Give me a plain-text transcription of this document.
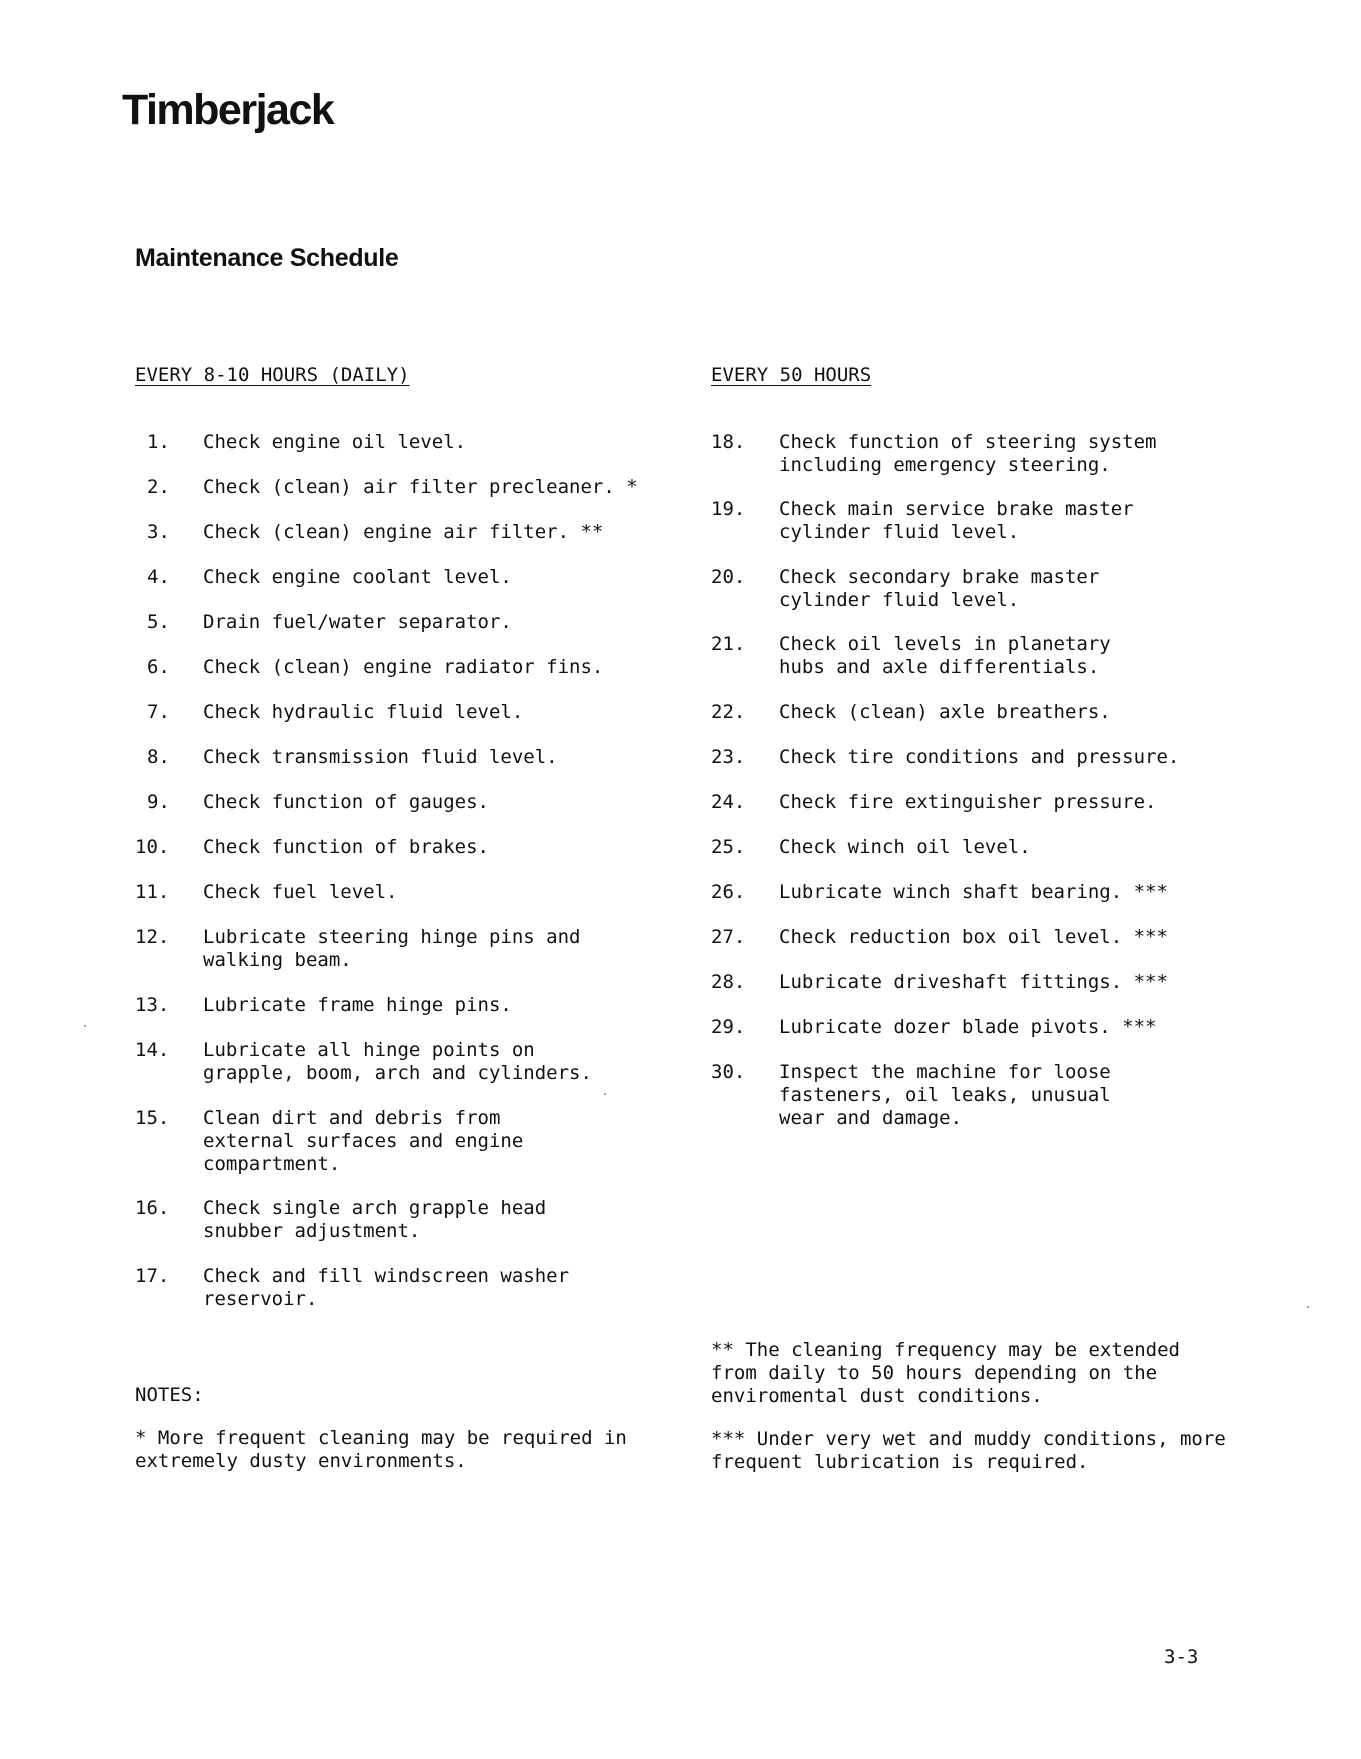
Timberjack
Maintenance Schedule
EVERY 8-10 HOURS (DAILY)	EVERY 50 HOURS
1.	Check engine oil level.
2.	Check (clean) air filter precleaner. *
3.	Check (clean) engine air filter. **
4.	Check engine coolant level.
5.	Drain fuel/water separator.
6.	Check (clean) engine radiator fins.
7.	Check hydraulic fluid level.
8.	Check transmission fluid level.
9.	Check function of gauges.
10.	Check function of brakes.
11.	Check fuel level.
12.	Lubricate steering hinge pins and
walking beam.
13.	Lubricate frame hinge pins.
14.	Lubricate all hinge points on
grapple, boom, arch and cylinders.
15.	Clean dirt and debris from
external surfaces and engine
compartment.
16.	Check single arch grapple head
snubber adjustment.
17.	Check and fill windscreen washer
reservoir.
18.	Check function of steering system
including emergency steering.
19.	Check main service brake master
cylinder fluid level.
20.	Check secondary brake master
cylinder fluid level.
21.	Check oil levels in planetary
hubs and axle differentials.
22.	Check (clean) axle breathers.
23.	Check tire conditions and pressure.
24.	Check fire extinguisher pressure.
25.	Check winch oil level.
26.	Lubricate winch shaft bearing. ***
27.	Check reduction box oil level. ***
28.	Lubricate driveshaft fittings. ***
29.	Lubricate dozer blade pivots. ***
30.	Inspect the machine for loose
fasteners, oil leaks, unusual
wear and damage.
NOTES:
* More frequent cleaning may be required in
extremely dusty environments.
** The cleaning frequency may be extended
from daily to 50 hours depending on the
enviromental dust conditions.
*** Under very wet and muddy conditions, more
frequent lubrication is required.
3-3
